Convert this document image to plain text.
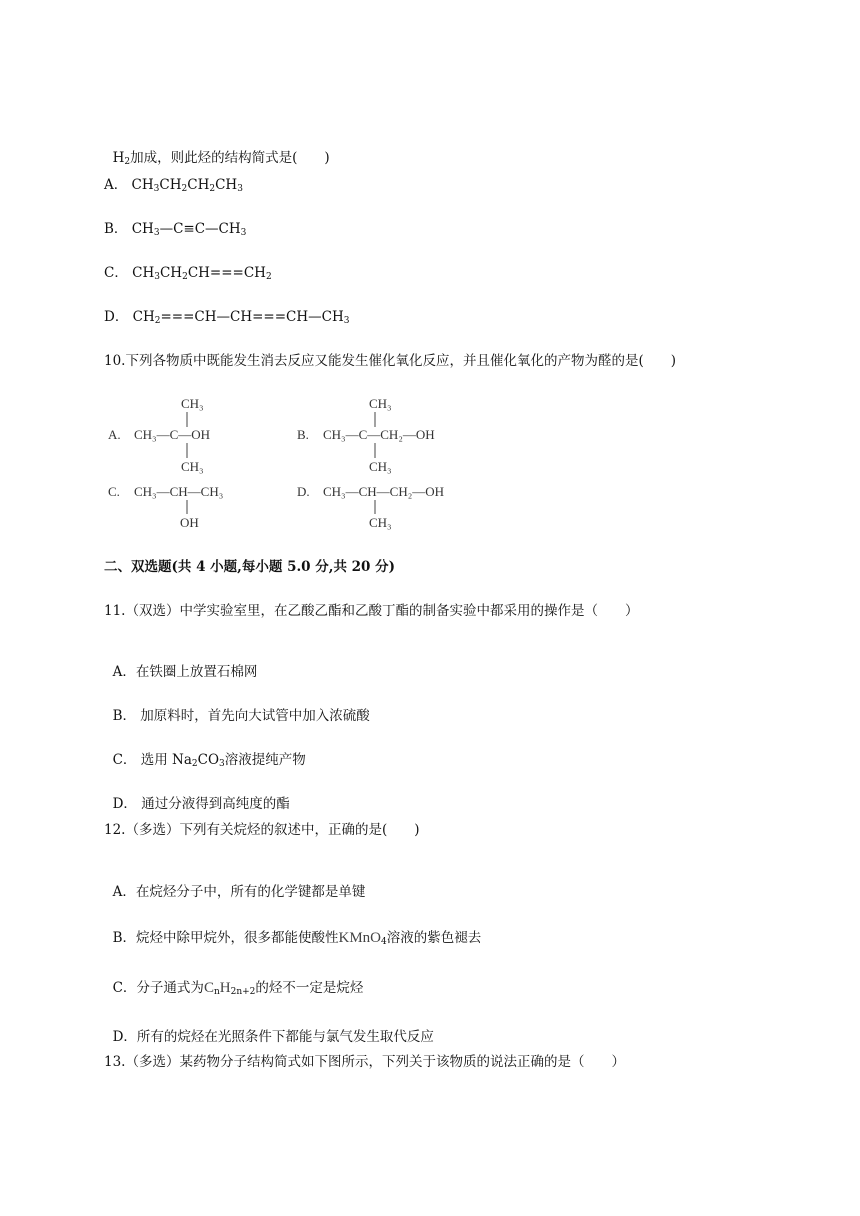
$H_2$加成，则此烃的结构简式是(　　)

A． $CH_3CH_2CH_2CH_3$
B． $CH_3—C\equiv C—CH_3$
C． $CH_3CH_2CH===CH_2$
D． $CH_2===CH—CH===CH—CH_3$
10.下列各物质中既能发生消去反应又能发生催化氧化反应，并且催化氧化的产物为醛的是(　　)
A.
CH₃
CH₃—C—OH
CH₃
B.
CH₃
CH₃—C—CH₂—OH
CH₃
C. CH₃—CH—CH₃
OH
D. CH₃—CH—CH₂—OH
CH₃
二、双选题(共 4 小题,每小题 5.0 分,共 20 分)
11.（双选）中学实验室里，在乙酸乙酯和乙酸丁酯的制备实验中都采用的操作是（　　）

A．在铁圈上放置石棉网

B． 加原料时，首先向大试管中加入浓硫酸

C． 选用 $Na_2CO_3$溶液提纯产物

D． 通过分液得到高纯度的酯

12.（多选）下列有关烷烃的叙述中，正确的是(　　)

A．在烷烃分子中，所有的化学键都是单键

B．烷烃中除甲烷外，很多都能使酸性KMnO$_4$溶液的紫色褪去

C．分子通式为$C_nH_{2n+2}$的烃不一定是烷烃

D．所有的烷烃在光照条件下都能与氯气发生取代反应

13.（多选）某药物分子结构简式如下图所示，下列关于该物质的说法正确的是（　　）
